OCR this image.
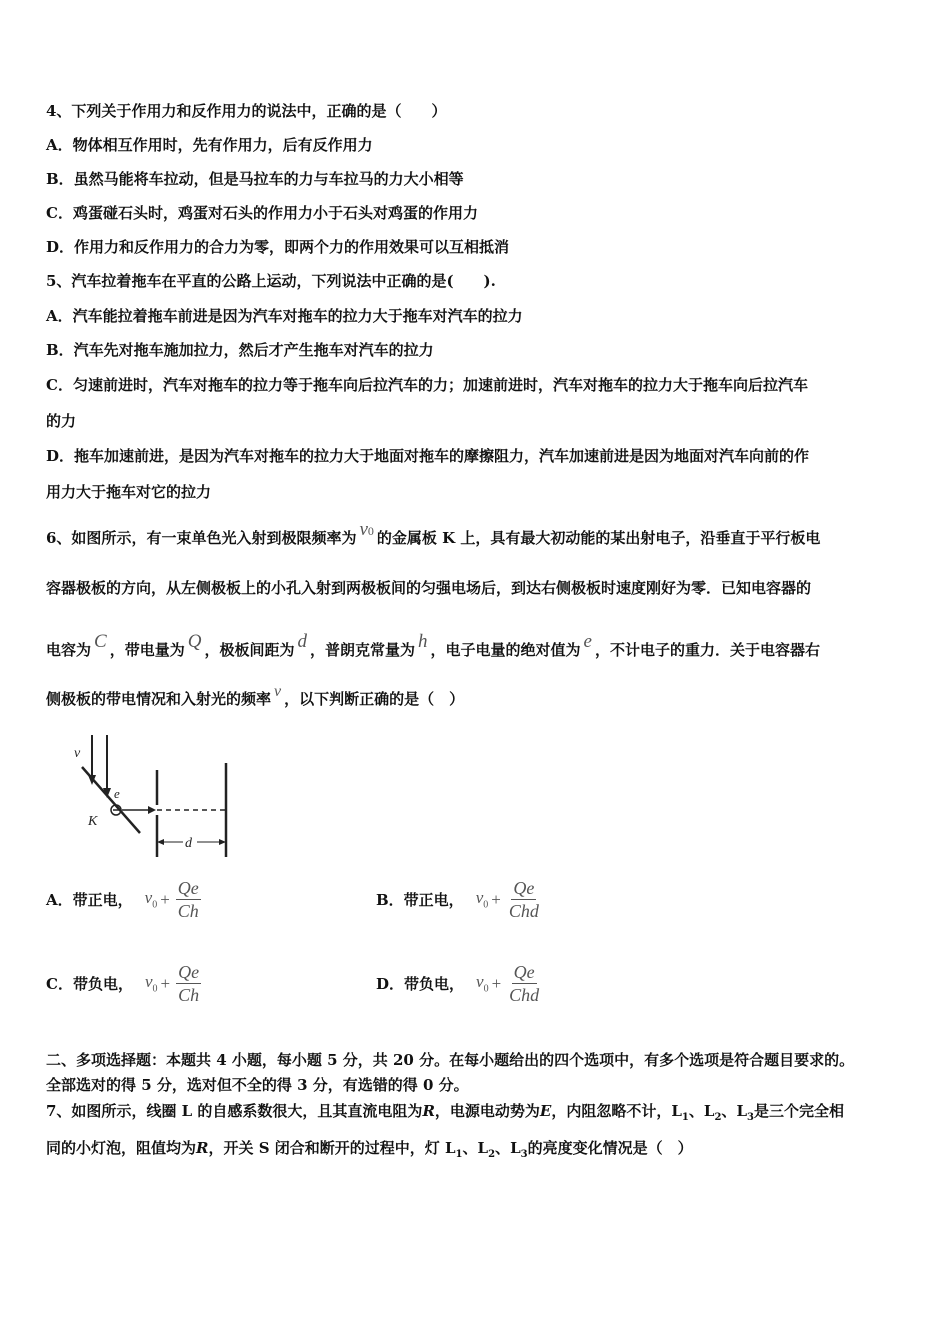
4、下列关于作用力和反作用力的说法中，正确的是（　　）
A．物体相互作用时，先有作用力，后有反作用力
B．虽然马能将车拉动，但是马拉车的力与车拉马的力大小相等
C．鸡蛋碰石头时，鸡蛋对石头的作用力小于石头对鸡蛋的作用力
D．作用力和反作用力的合力为零，即两个力的作用效果可以互相抵消
5、汽车拉着拖车在平直的公路上运动，下列说法中正确的是(　　).
A．汽车能拉着拖车前进是因为汽车对拖车的拉力大于拖车对汽车的拉力
B．汽车先对拖车施加拉力，然后才产生拖车对汽车的拉力
C．匀速前进时，汽车对拖车的拉力等于拖车向后拉汽车的力；加速前进时，汽车对拖车的拉力大于拖车向后拉汽车
的力
D．拖车加速前进，是因为汽车对拖车的拉力大于地面对拖车的摩擦阻力，汽车加速前进是因为地面对汽车向前的作
用力大于拖车对它的拉力
6、如图所示，有一束单色光入射到极限频率为 v0 的金属板 K 上，具有最大初动能的某出射电子，沿垂直于平行板电
容器极板的方向，从左侧极板上的小孔入射到两极板间的匀强电场后，到达右侧极板时速度刚好为零．已知电容器的
电容为 C ，带电量为 Q ，极板间距为 d ，普朗克常量为 h ，电子电量的绝对值为 e ，不计电子的重力．关于电容器右
侧极板的带电情况和入射光的频率 v ，以下判断正确的是（　）
v
K
e
d
A．带正电， $v_0 + \frac{Qe}{Ch}$	B．带正电， $v_0 + \frac{Qe}{\text{Chd}}$
C．带负电， $v_0 + \frac{Qe}{Ch}$	D．带负电， $v_0 + \frac{Qe}{\text{Chd}}$
二、多项选择题：本题共 4 小题，每小题 5 分，共 20 分。在每小题给出的四个选项中，有多个选项是符合题目要求的。
全部选对的得 5 分，选对但不全的得 3 分，有选错的得 0 分。
7、如图所示，线圈 L 的自感系数很大，且其直流电阻为R，电源电动势为E，内阻忽略不计，$L_1$、$L_2$、$L_3$是三个完全相
同的小灯泡，阻值均为R，开关 S 闭合和断开的过程中，灯 $L_1$、$L_2$、$L_3$的亮度变化情况是（　）
